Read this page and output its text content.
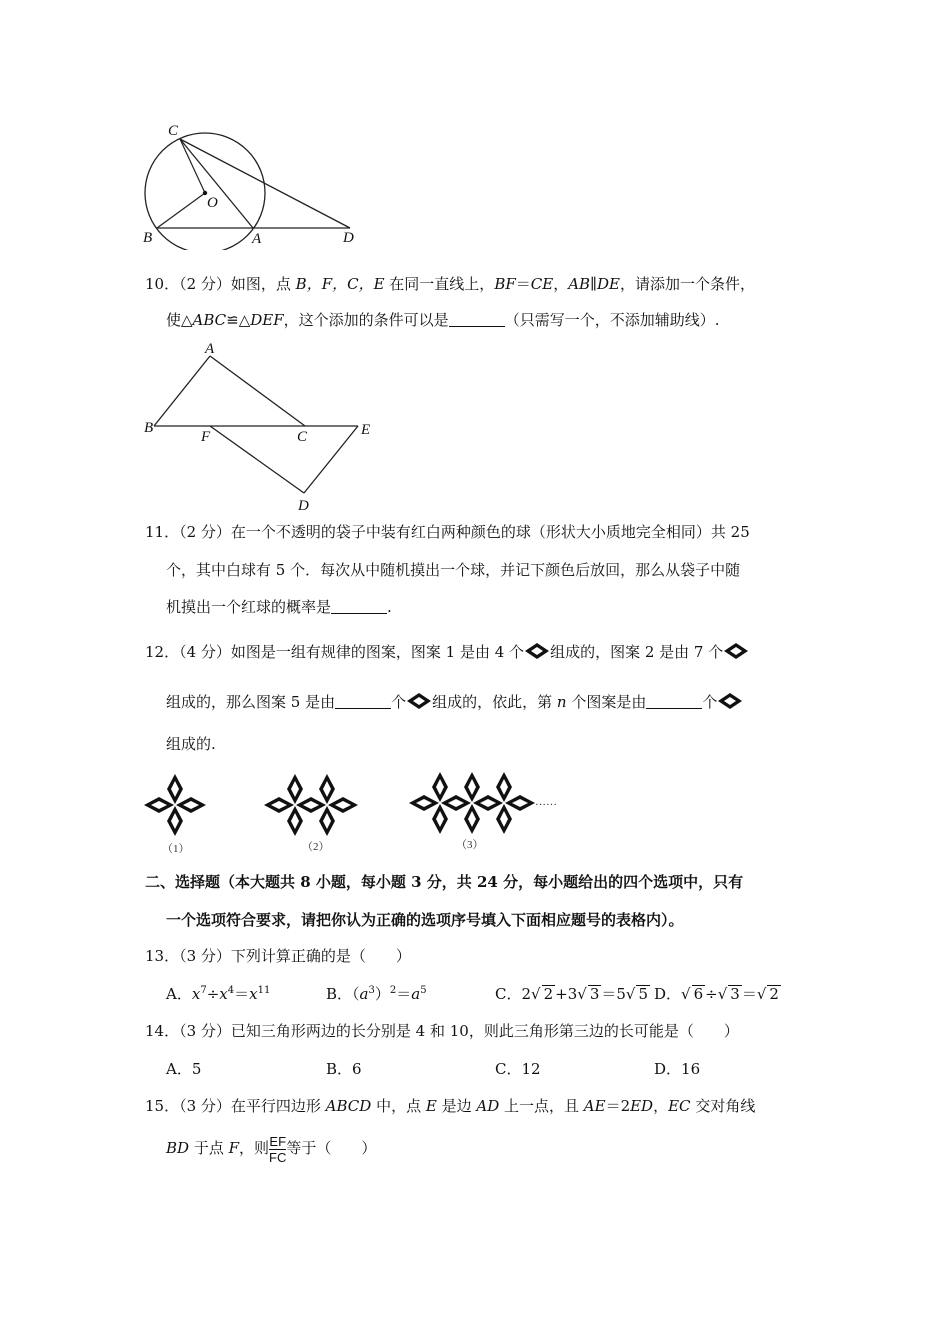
C
O
B	A	D
10．（2 分）如图，点 B，F，C，E 在同一直线上，BF＝CE，AB∥DE，请添加一个条件，
使△ABC≌△DEF，这个添加的条件可以是	（只需写一个，不添加辅助线）.
A
B
F	C	E
D
11．（2 分）在一个不透明的袋子中装有红白两种颜色的球（形状大小质地完全相同）共 25
个，其中白球有 5 个．每次从中随机摸出一个球，并记下颜色后放回，那么从袋子中随
机摸出一个红球的概率是	.
12．（4 分）如图是一组有规律的图案，图案 1 是由 4 个 组成的，图案 2 是由 7 个
组成的，那么图案 5 是由	个 组成的，依此，第 n 个图案是由	个
组成的.
……
（1）	（2）	（3）
二、选择题（本大题共 8 小题，每小题 3 分，共 24 分，每小题给出的四个选项中，只有
一个选项符合要求，请把你认为正确的选项序号填入下面相应题号的表格内）。
13．（3 分）下列计算正确的是（　　）
A．$x^7\div x^4=x^{11}$	B．$(a^3)^2=a^5$	C．2√ 2 +3√ 3 ＝5√ 5 D．√ 6 ÷√ 3 ＝√ 2
14．（3 分）已知三角形两边的长分别是 4 和 10，则此三角形第三边的长可能是（　　）
A．5	B．6	C．12	D．16
15．（3 分）在平行四边形 ABCD 中，点 E 是边 AD 上一点，且 AE＝2ED，EC 交对角线
BD 于点 F，则 $\frac{EF}{FC}$ 等于（　　）
